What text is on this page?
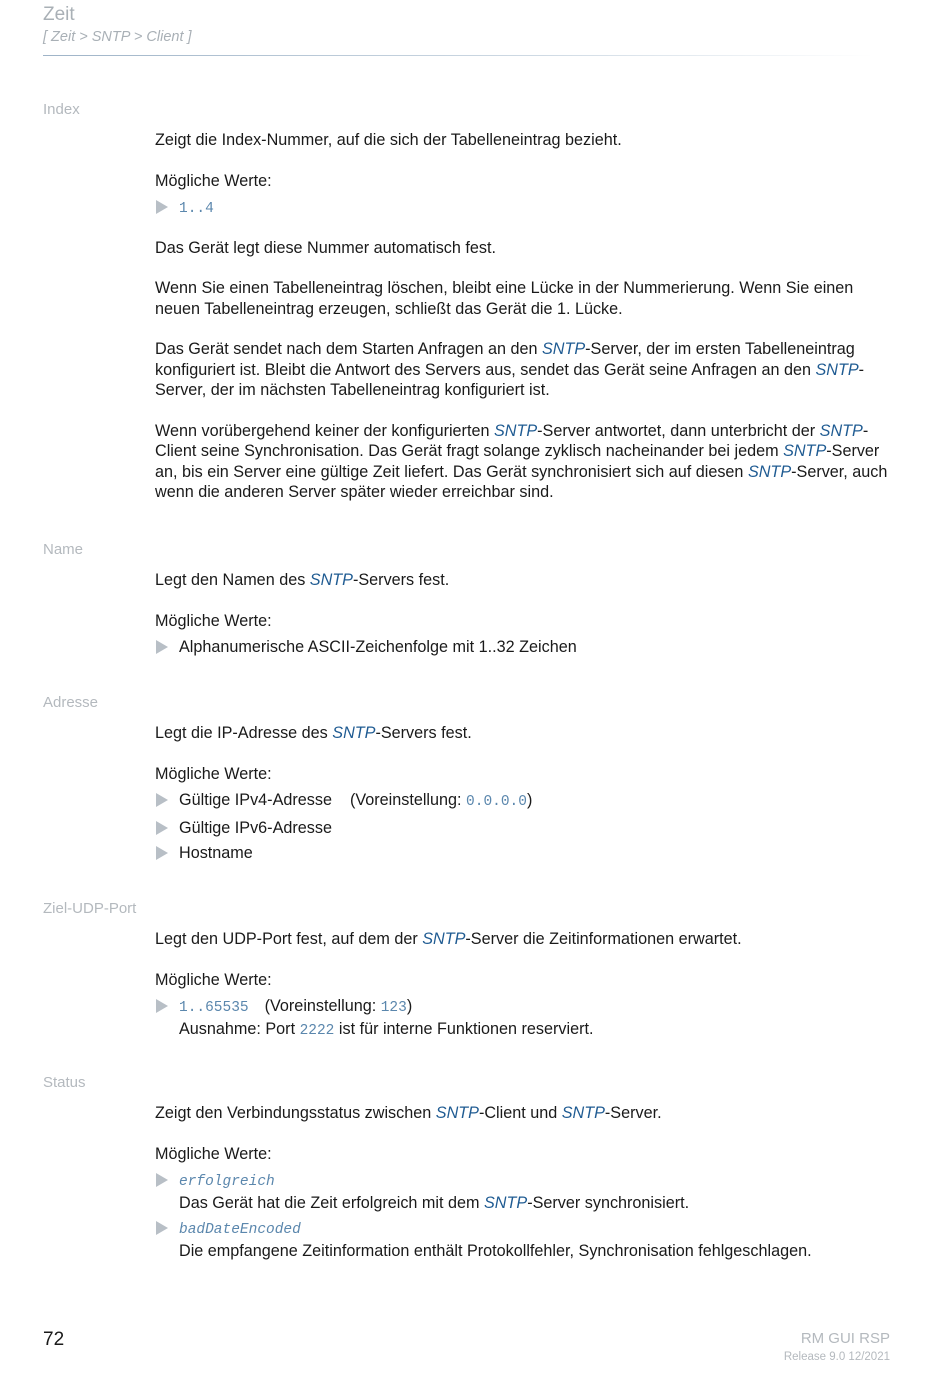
Zeit
[ Zeit > SNTP > Client ]
Index

Zeigt die Index-Nummer, auf die sich der Tabelleneintrag bezieht.

Mögliche Werte:

1..4

Das Gerät legt diese Nummer automatisch fest.

Wenn Sie einen Tabelleneintrag löschen, bleibt eine Lücke in der Nummerierung. Wenn Sie einen neuen Tabelleneintrag erzeugen, schließt das Gerät die 1. Lücke.

Das Gerät sendet nach dem Starten Anfragen an den SNTP-Server, der im ersten Tabelleneintrag konfiguriert ist. Bleibt die Antwort des Servers aus, sendet das Gerät seine Anfragen an den SNTP-Server, der im nächsten Tabelleneintrag konfiguriert ist.

Wenn vorübergehend keiner der konfigurierten SNTP-Server antwortet, dann unterbricht der SNTP-Client seine Synchronisation. Das Gerät fragt solange zyklisch nacheinander bei jedem SNTP-Server an, bis ein Server eine gültige Zeit liefert. Das Gerät synchronisiert sich auf diesen SNTP-Server, auch wenn die anderen Server später wieder erreichbar sind.

Name

Legt den Namen des SNTP-Servers fest.

Mögliche Werte:

Alphanumerische ASCII-Zeichenfolge mit 1..32 Zeichen
Adresse

Legt die IP-Adresse des SNTP-Servers fest.

Mögliche Werte:

Gültige IPv4-Adresse (Voreinstellung: 0.0.0.0)
Gültige IPv6-Adresse
Hostname
Ziel-UDP-Port

Legt den UDP-Port fest, auf dem der SNTP-Server die Zeitinformationen erwartet.

Mögliche Werte:

1..65535 (Voreinstellung: 123)
Ausnahme: Port 2222 ist für interne Funktionen reserviert.
Status

Zeigt den Verbindungsstatus zwischen SNTP-Client und SNTP-Server.

Mögliche Werte:

erfolgreich
Das Gerät hat die Zeit erfolgreich mit dem SNTP-Server synchronisiert.
badDateEncoded
Die empfangene Zeitinformation enthält Protokollfehler, Synchronisation fehlgeschlagen.
72	RM GUI RSP
Release 9.0 12/2021
